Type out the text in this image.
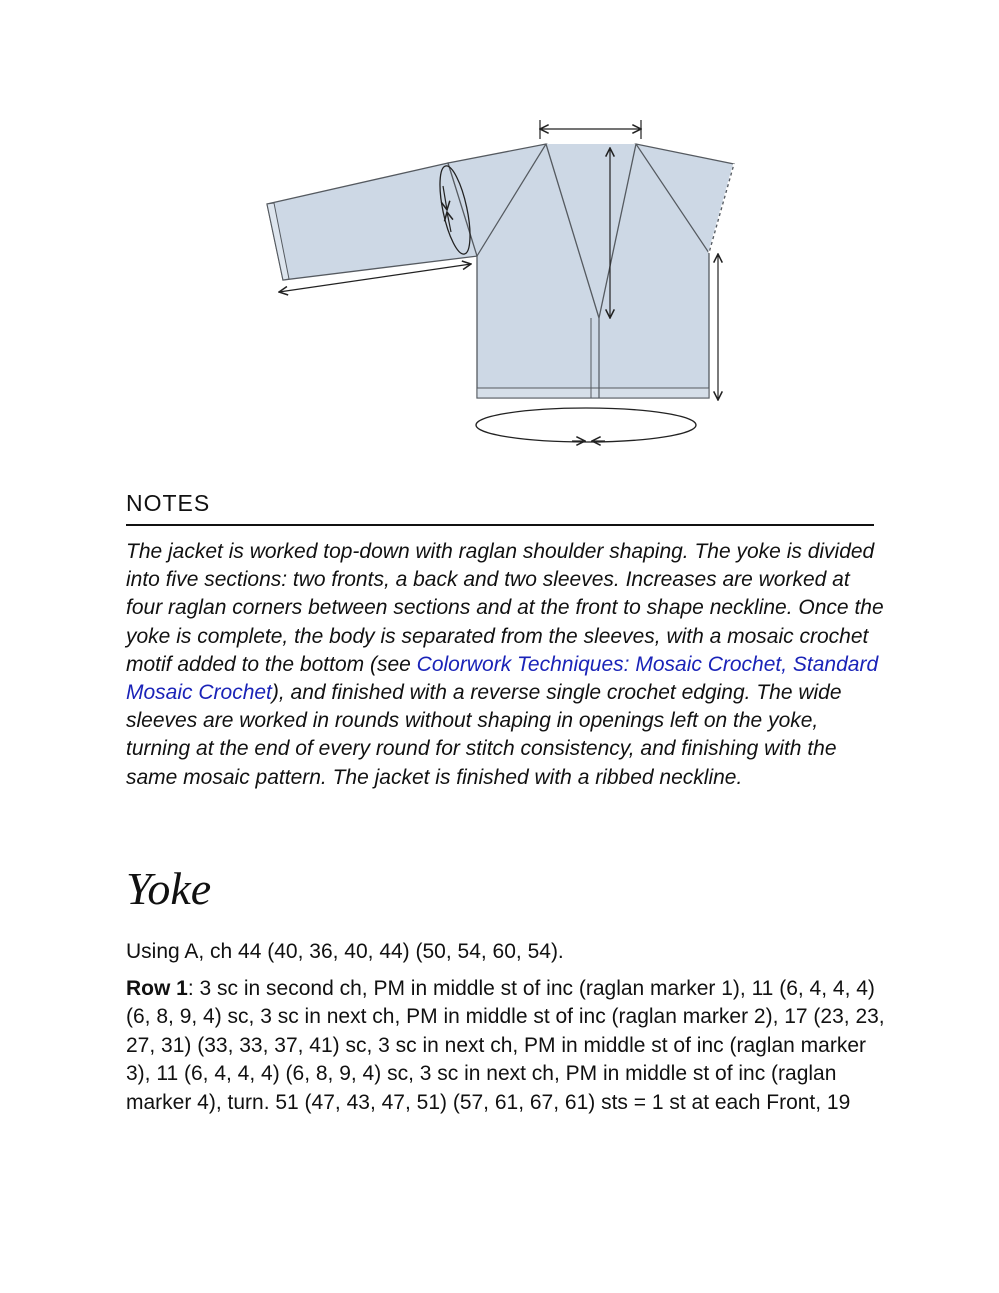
NOTES

The jacket is worked top-down with raglan shoulder shaping. The yoke is divided into five sections: two fronts, a back and two sleeves. Increases are worked at four raglan corners between sections and at the front to shape neckline. Once the yoke is complete, the body is separated from the sleeves, with a mosaic crochet motif added to the bottom (see Colorwork Techniques: Mosaic Crochet, Standard Mosaic Crochet), and finished with a reverse single crochet edging. The wide sleeves are worked in rounds without shaping in openings left on the yoke, turning at the end of every round for stitch consistency, and finishing with the same mosaic pattern. The jacket is finished with a ribbed neckline.

Yoke

Using A, ch 44 (40, 36, 40, 44) (50, 54, 60, 54).

Row 1: 3 sc in second ch, PM in middle st of inc (raglan marker 1), 11 (6, 4, 4, 4) (6, 8, 9, 4) sc, 3 sc in next ch, PM in middle st of inc (raglan marker 2), 17 (23, 23, 27, 31) (33, 33, 37, 41) sc, 3 sc in next ch, PM in middle st of inc (raglan marker 3), 11 (6, 4, 4, 4) (6, 8, 9, 4) sc, 3 sc in next ch, PM in middle st of inc (raglan marker 4), turn. 51 (47, 43, 47, 51) (57, 61, 67, 61) sts = 1 st at each Front, 19
